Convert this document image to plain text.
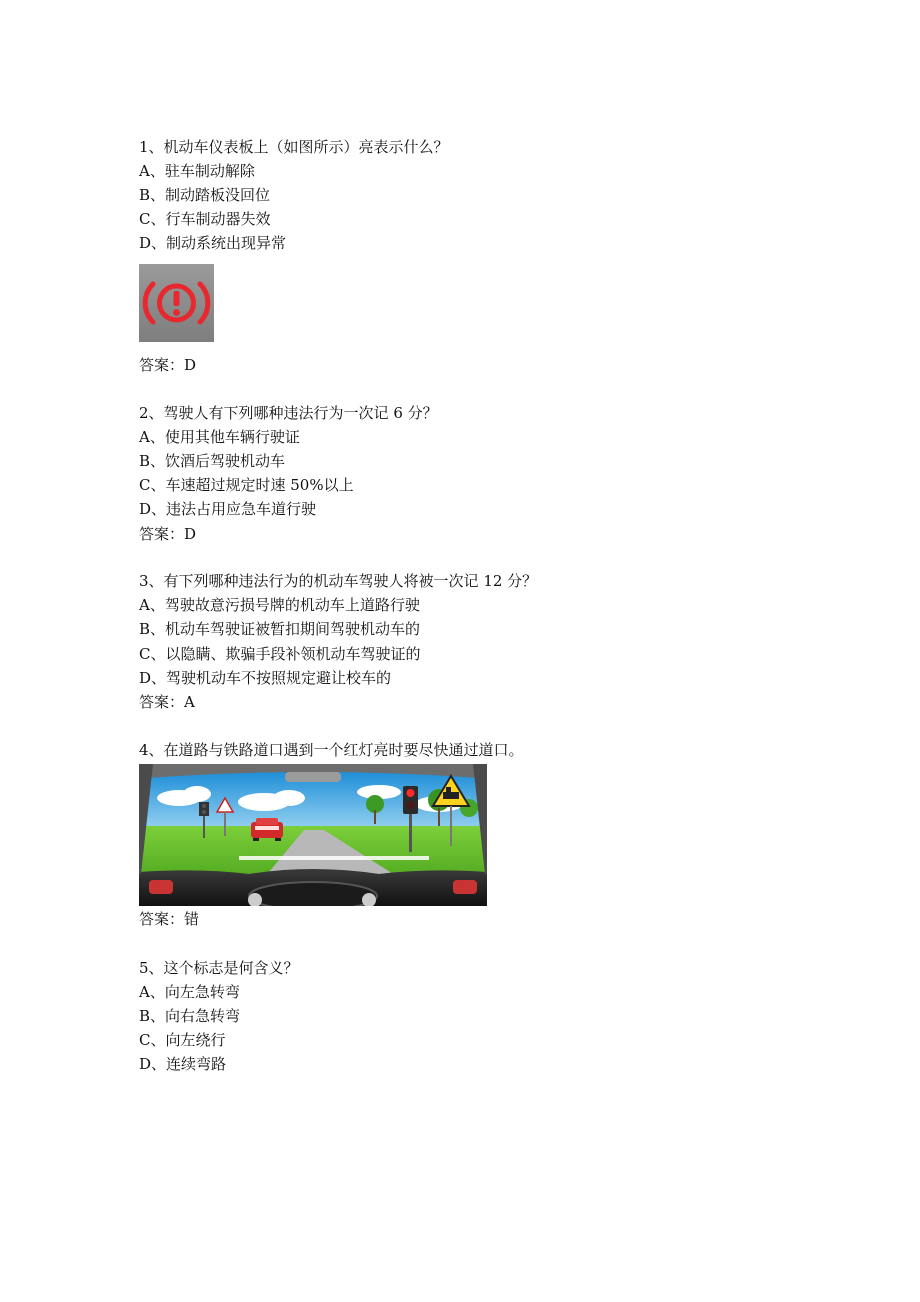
1、机动车仪表板上（如图所示）亮表示什么？
A、驻车制动解除
B、制动踏板没回位
C、行车制动器失效
D、制动系统出现异常
答案：D
2、驾驶人有下列哪种违法行为一次记 6 分？
A、使用其他车辆行驶证
B、饮酒后驾驶机动车
C、车速超过规定时速 50%以上
D、违法占用应急车道行驶
答案：D
3、有下列哪种违法行为的机动车驾驶人将被一次记 12 分？
A、驾驶故意污损号牌的机动车上道路行驶
B、机动车驾驶证被暂扣期间驾驶机动车的
C、以隐瞒、欺骗手段补领机动车驾驶证的
D、驾驶机动车不按照规定避让校车的
答案：A
4、在道路与铁路道口遇到一个红灯亮时要尽快通过道口。
答案：错
5、这个标志是何含义？
A、向左急转弯
B、向右急转弯
C、向左绕行
D、连续弯路
